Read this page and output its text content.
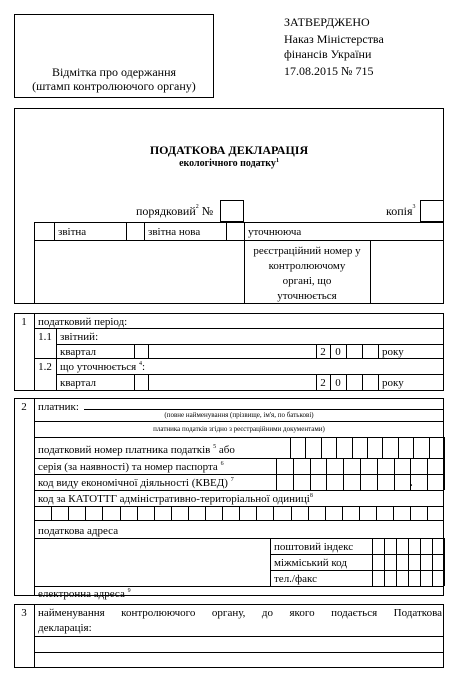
Відмітка про одержання
(штамп контролюючого органу)
ЗАТВЕРДЖЕНО
Наказ Міністерства
фінансів України
17.08.2015 № 715
ПОДАТКОВА ДЕКЛАРАЦІЯ
екологічного податку$^1$
порядковий$^2$ №	копія$^3$
звітна	звітна нова	уточнююча
реєстраційний номер у
контролюючому
органі, що
уточнюється
1	податковий період:
1.1 звітний:
квартал	2 0	року
1.2 що уточнюється $^4$:
квартал	2 0	року
2	платник:
(повне найменування (прізвище, ім'я, по батькові)
платника податків згідно з реєстраційними документами)
податковий номер платника податків $^5$ або
серія (за наявності) та номер паспорта $^6$
код виду економічної діяльності (КВЕД) $^7$	.
код за КАТОТТГ адміністративно-територіальної одиниці$^8$
податкова адреса
поштовий індекс
міжміський код
тел./факс
електронна адреса $^9$
3	найменування контролюючого органу, до якого подається Податкова
декларація:
